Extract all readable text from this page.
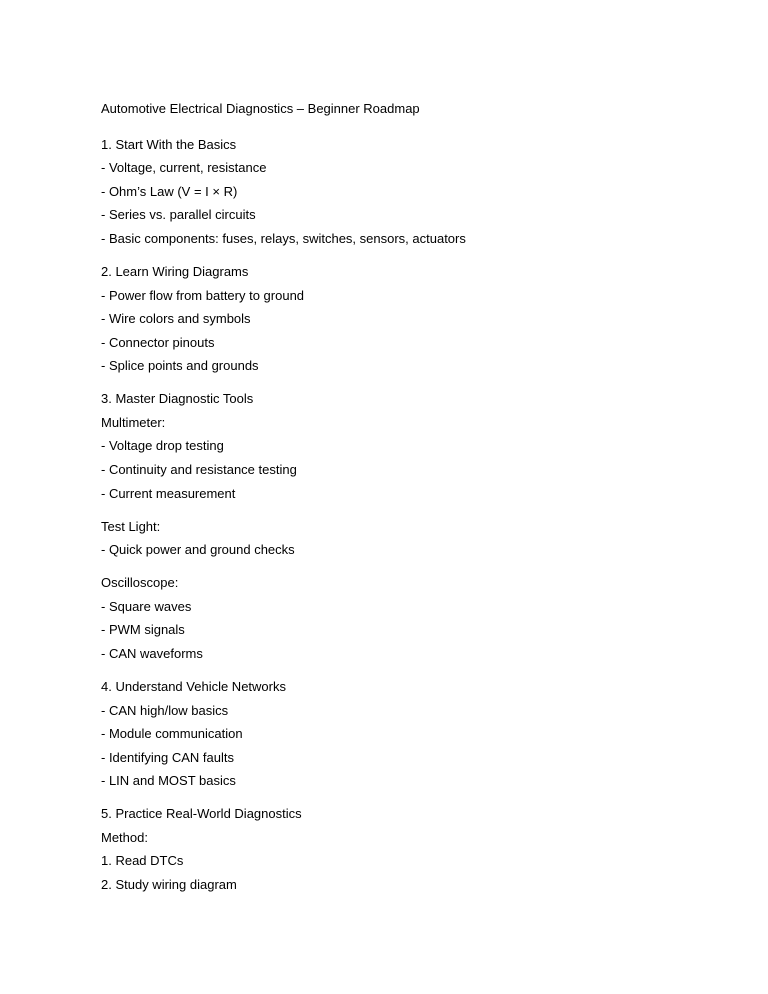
Automotive Electrical Diagnostics – Beginner Roadmap
1. Start With the Basics
- Voltage, current, resistance
- Ohm’s Law (V = I × R)
- Series vs. parallel circuits
- Basic components: fuses, relays, switches, sensors, actuators
2. Learn Wiring Diagrams
- Power flow from battery to ground
- Wire colors and symbols
- Connector pinouts
- Splice points and grounds
3. Master Diagnostic Tools
Multimeter:
- Voltage drop testing
- Continuity and resistance testing
- Current measurement
Test Light:
- Quick power and ground checks
Oscilloscope:
- Square waves
- PWM signals
- CAN waveforms
4. Understand Vehicle Networks
- CAN high/low basics
- Module communication
- Identifying CAN faults
- LIN and MOST basics
5. Practice Real-World Diagnostics
Method:
1. Read DTCs
2. Study wiring diagram
